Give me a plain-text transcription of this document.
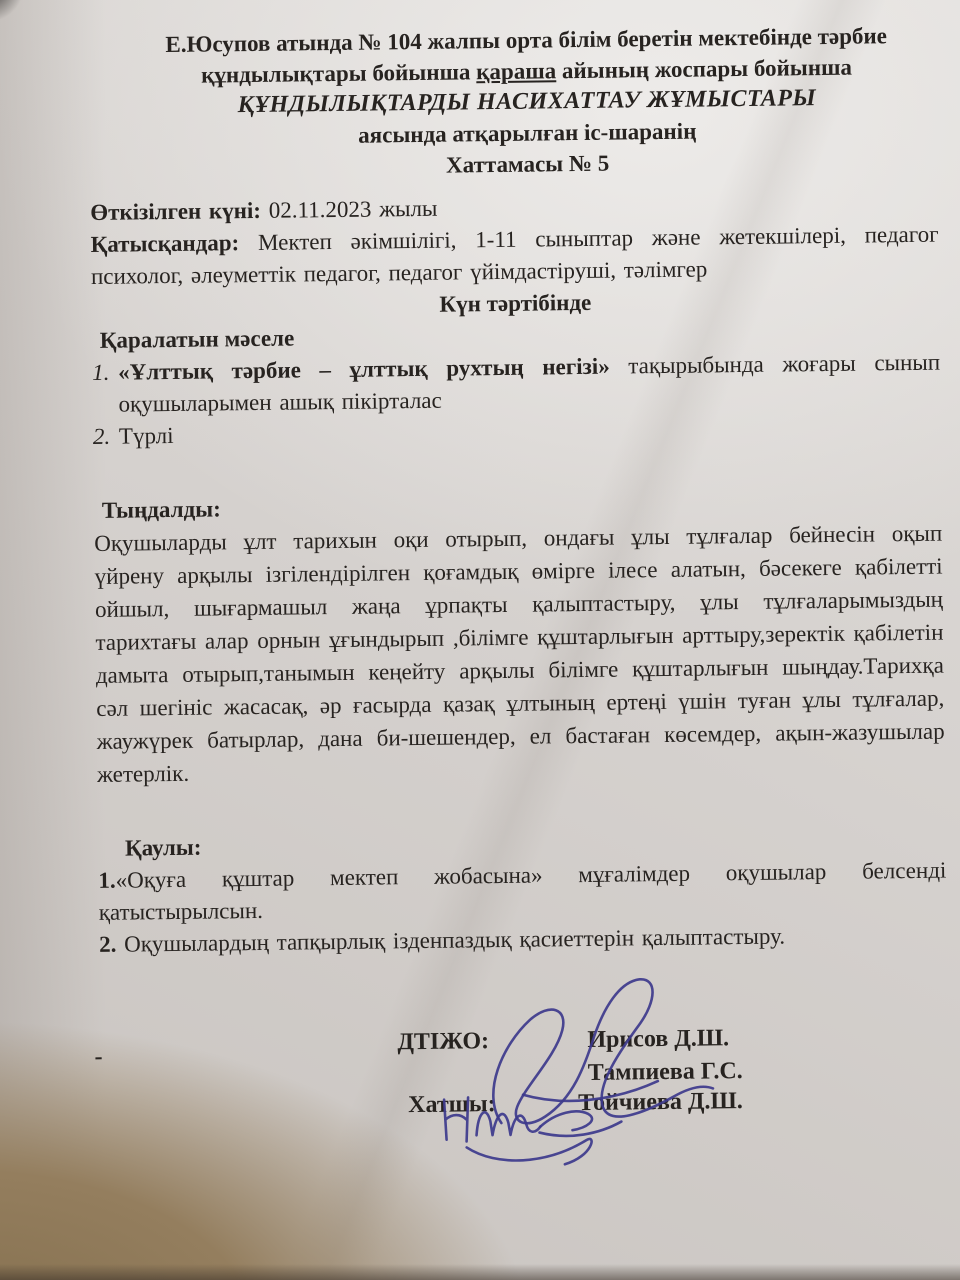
Е.Юсупов атында № 104 жалпы орта білім беретін мектебінде тәрбие
құндылықтары бойынша қараша айының жоспары бойынша
ҚҰНДЫЛЫҚТАРДЫ НАСИХАТТАУ ЖҰМЫСТАРЫ
аясында атқарылған іс-шаранің
Хаттамасы № 5
Өткізілген күні: 02.11.2023 жылы
Қатысқандар: Мектеп әкімшілігі, 1-11 сыныптар және жетекшілері, педагог психолог, әлеуметтік педагог, педагог үйімдастіруші, тәлімгер
Күн тәртібінде
Қаралатын мәселе
1. «Ұлттық тәрбие – ұлттық рухтың негізі» тақырыбында жоғары сынып оқушыларымен ашық пікірталас
2. Түрлі
Тыңдалды:

Оқушыларды ұлт тарихын оқи отырып, ондағы ұлы тұлғалар бейнесін оқып үйрену арқылы ізгілендірілген қоғамдық өмірге ілесе алатын, бәсекеге қабілетті ойшыл, шығармашыл жаңа ұрпақты қалыптастыру, ұлы тұлғаларымыздың тарихтағы алар орнын ұғындырып ,білімге құштарлығын арттыру,зеректік қабілетін дамыта отырып,танымын кеңейту арқылы білімге құштарлығын шыңдау.Тарихқа сәл шегініс жасасақ, әр ғасырда қазақ ұлтының ертеңі үшін туған ұлы тұлғалар, жаужүрек батырлар, дана би-шешендер, ел бастаған көсемдер, ақын-жазушылар жетерлік.

Қаулы:

1.«Оқуға құштар мектеп жобасына» мұғалімдер оқушылар белсенді қатыстырылсын.

2. Оқушылардың тапқырлық ізденпаздық қасиеттерін қалыптастыру.

-
ДТІЖО:	Ирисов Д.Ш.
Тампиева Г.С.
Хатшы:	Тойчиева Д.Ш.
